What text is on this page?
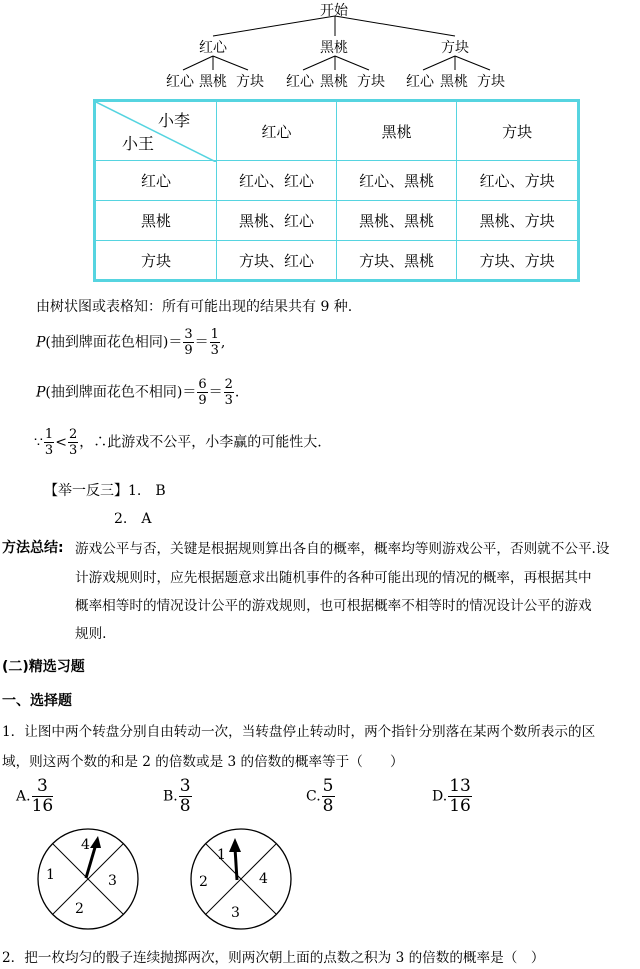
开始
红心	黑桃	方块
红心 黑桃 方块 红心 黑桃 方块 红心 黑桃 方块
小李
小王	红心	黑桃	方块
红心	红心、红心	红心、黑桃	红心、方块
黑桃	黑桃、红心	黑桃、黑桃	黑桃、方块
方块	方块、红心	方块、黑桃	方块、方块
由树状图或表格知：所有可能出现的结果共有 9 种.
P(抽到牌面花色相同)＝ $\frac{3}{9} = \frac{1}{3}$ ,
P(抽到牌面花色不相同)＝ $\frac{6}{9} = \frac{2}{3}$ .
∵ $\frac{1}{3} < \frac{2}{3}$ ，∴此游戏不公平，小李赢的可能性大.
【举一反三】1.　B
2.　A
方法总结: 游戏公平与否，关键是根据规则算出各自的概率，概率均等则游戏公平，否则就不公平.设
计游戏规则时，应先根据题意求出随机事件的各种可能出现的情况的概率，再根据其中
概率相等时的情况设计公平的游戏规则，也可根据概率不相等时的情况设计公平的游戏
规则.
(二)精选习题
一、选择题
1．让图中两个转盘分别自由转动一次，当转盘停止转动时，两个指针分别落在某两个数所表示的区
域，则这两个数的和是 2 的倍数或是 3 的倍数的概率等于（　　）
A. $\frac{3}{16}$	B. $\frac{3}{8}$	C. $\frac{5}{8}$	D. $\frac{13}{16}$
4
3
2
1
1
4
3
2
2．把一枚均匀的骰子连续抛掷两次，则两次朝上面的点数之积为 3 的倍数的概率是（　）
